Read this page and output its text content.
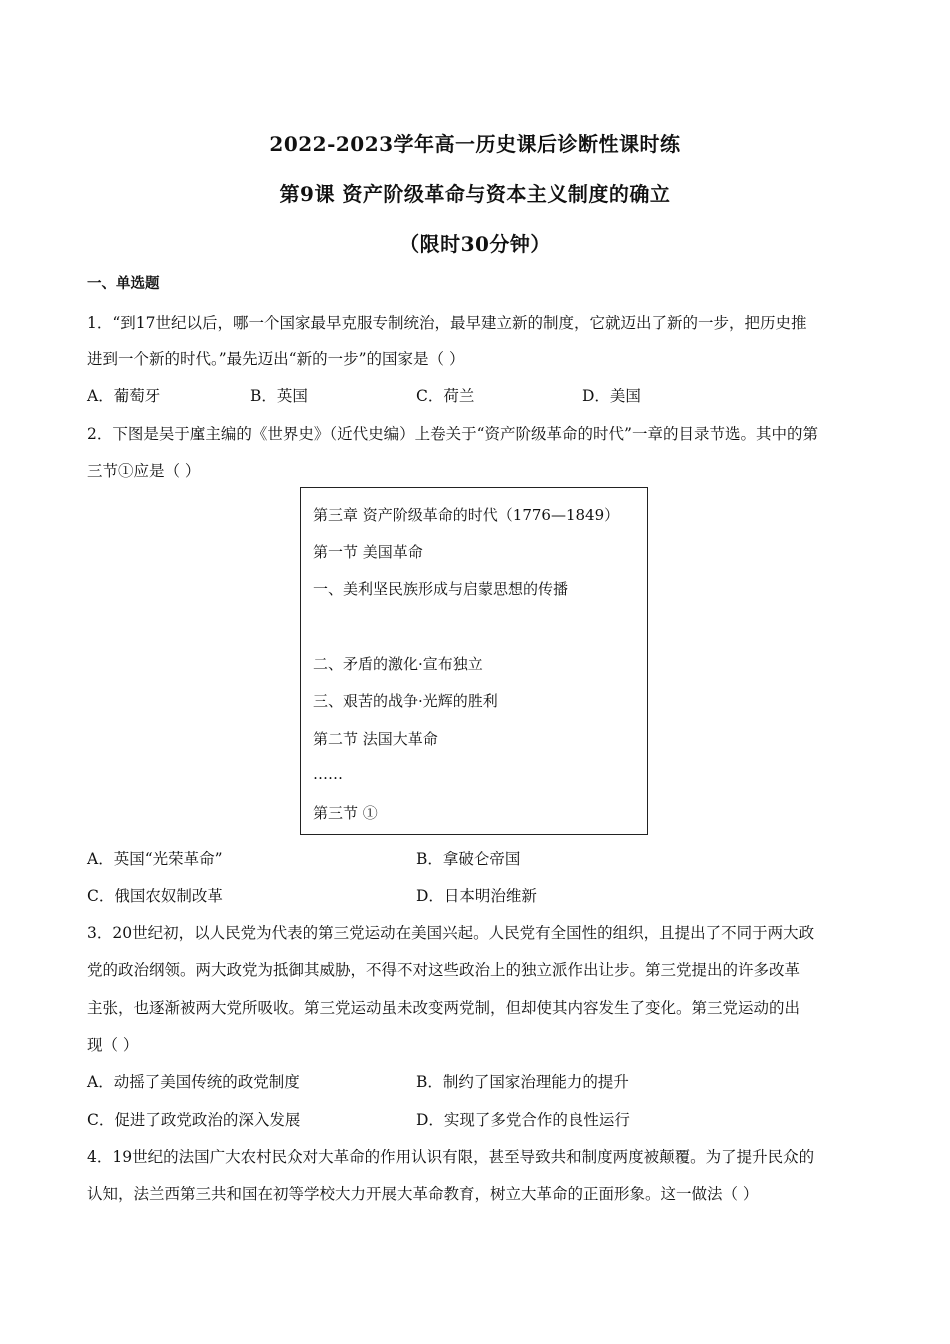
2022-2023学年高一历史课后诊断性课时练
第9课 资产阶级革命与资本主义制度的确立
（限时30分钟）
一、单选题
1．“到17世纪以后，哪一个国家最早克服专制统治，最早建立新的制度，它就迈出了新的一步，把历史推
进到一个新的时代。”最先迈出“新的一步”的国家是（ ）
A．葡萄牙	B．英国	C．荷兰	D．美国
2．下图是吴于廑主编的《世界史》（近代史编）上卷关于“资产阶级革命的时代”一章的目录节选。其中的第
三节①应是（ ）
第三章 资产阶级革命的时代（1776—1849）
第一节 美国革命
一、美利坚民族形成与启蒙思想的传播
二、矛盾的激化·宣布独立
三、艰苦的战争·光辉的胜利
第二节 法国大革命
……
第三节 ①
A．英国“光荣革命”	B．拿破仑帝国
C．俄国农奴制改革	D．日本明治维新
3．20世纪初，以人民党为代表的第三党运动在美国兴起。人民党有全国性的组织，且提出了不同于两大政
党的政治纲领。两大政党为抵御其威胁，不得不对这些政治上的独立派作出让步。第三党提出的许多改革
主张，也逐渐被两大党所吸收。第三党运动虽未改变两党制，但却使其内容发生了变化。第三党运动的出
现（ ）
A．动摇了美国传统的政党制度	B．制约了国家治理能力的提升
C．促进了政党政治的深入发展	D．实现了多党合作的良性运行
4．19世纪的法国广大农村民众对大革命的作用认识有限，甚至导致共和制度两度被颠覆。为了提升民众的
认知，法兰西第三共和国在初等学校大力开展大革命教育，树立大革命的正面形象。这一做法（ ）
